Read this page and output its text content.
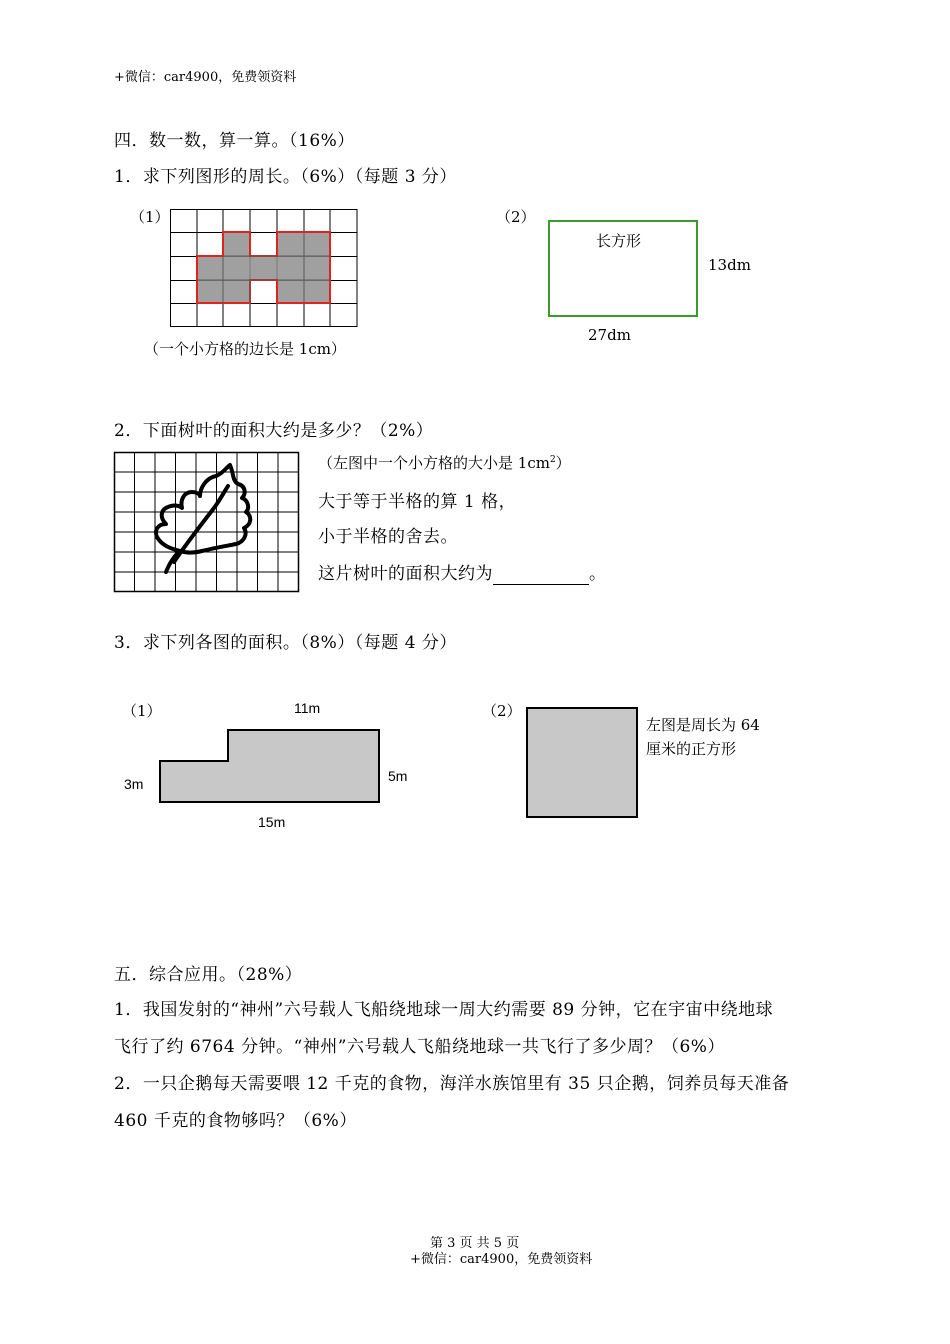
+微信：car4900，免费领资料
四．数一数，算一算。（16%）
1．求下列图形的周长。（6%）（每题 3 分）
（1）
（一个小方格的边长是 1cm）
（2）
长方形
13dm
27dm
2．下面树叶的面积大约是多少？（2%）
（左图中一个小方格的大小是 $1cm^2$）
大于等于半格的算 1 格，
小于半格的舍去。
这片树叶的面积大约为	。
3．求下列各图的面积。（8%）（每题 4 分）
（1）	11m
3m	5m
15m
（2）
左图是周长为 64
厘米的正方形
五．综合应用。（28%）
1．我国发射的“神州”六号载人飞船绕地球一周大约需要 89 分钟，它在宇宙中绕地球
飞行了约 6764 分钟。“神州”六号载人飞船绕地球一共飞行了多少周？（6%）
2．一只企鹅每天需要喂 12 千克的食物，海洋水族馆里有 35 只企鹅，饲养员每天准备
460 千克的食物够吗？（6%）
第 3 页 共 5 页
+微信：car4900，免费领资料
